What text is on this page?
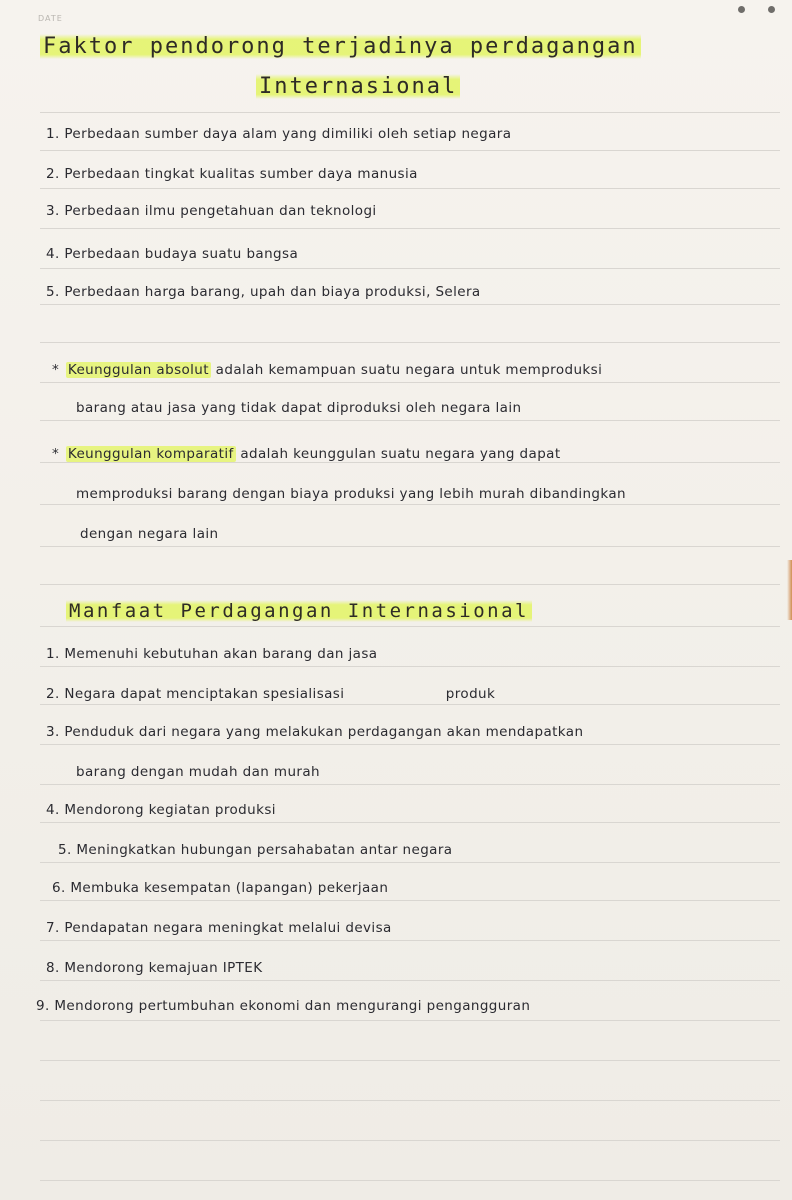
DATE
Faktor pendorong terjadinya perdagangan
Internasional
1. Perbedaan sumber daya alam yang dimiliki oleh setiap negara
2. Perbedaan tingkat kualitas sumber daya manusia
3. Perbedaan ilmu pengetahuan dan teknologi
4. Perbedaan budaya suatu bangsa
5. Perbedaan harga barang, upah dan biaya produksi, Selera
* Keunggulan absolut adalah kemampuan suatu negara untuk memproduksi
barang atau jasa yang tidak dapat diproduksi oleh negara lain
* Keunggulan komparatif adalah keunggulan suatu negara yang dapat
memproduksi barang dengan biaya produksi yang lebih murah dibandingkan
dengan negara lain
Manfaat Perdagangan Internasional
1. Memenuhi kebutuhan akan barang dan jasa
2. Negara dapat menciptakan spesialisasi	produk
3. Penduduk dari negara yang melakukan perdagangan akan mendapatkan
barang dengan mudah dan murah
4. Mendorong kegiatan produksi
5. Meningkatkan hubungan persahabatan antar negara
6. Membuka kesempatan (lapangan) pekerjaan
7. Pendapatan negara meningkat melalui devisa
8. Mendorong kemajuan IPTEK
9. Mendorong pertumbuhan ekonomi dan mengurangi pengangguran
